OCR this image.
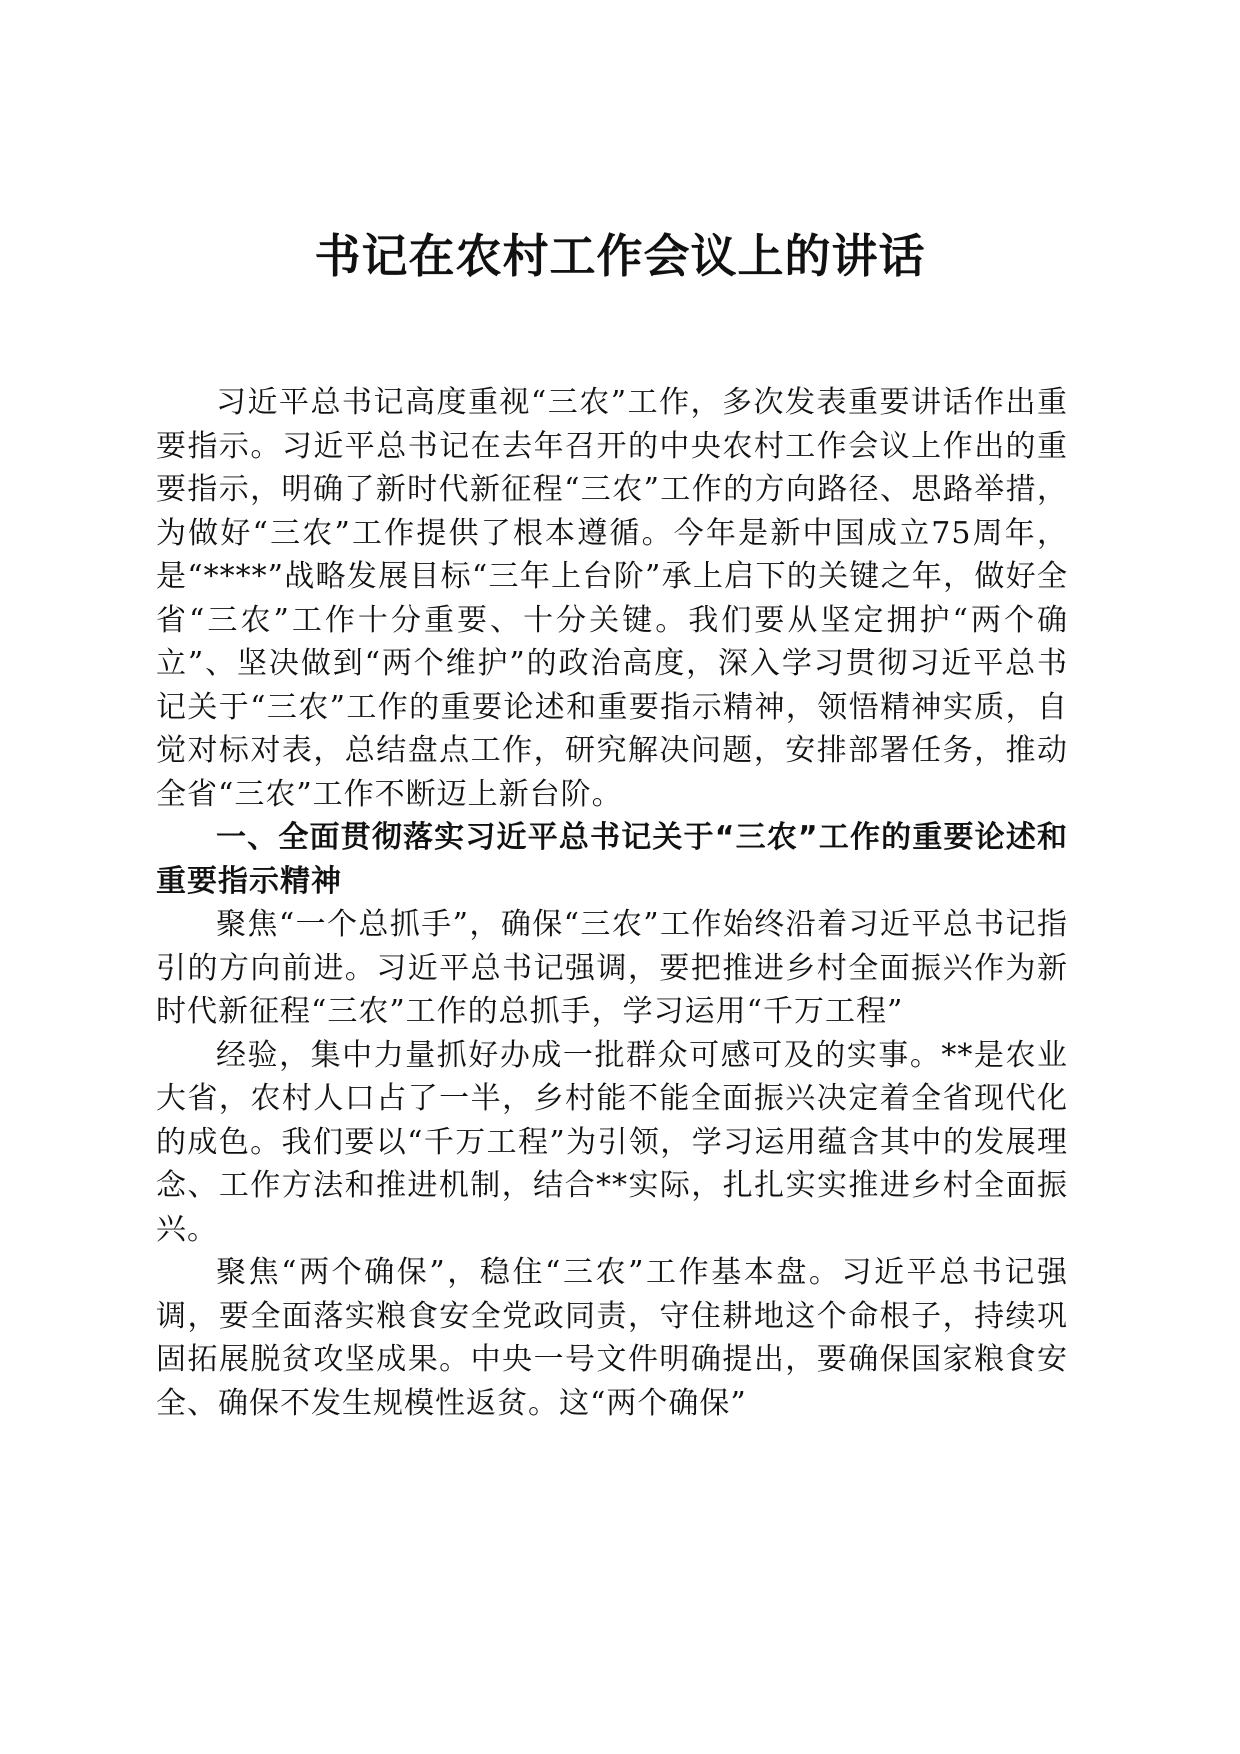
书记在农村工作会议上的讲话

习近平总书记高度重视“三农”工作，多次发表重要讲话作出重要指示。习近平总书记在去年召开的中央农村工作会议上作出的重要指示，明确了新时代新征程“三农”工作的方向路径、思路举措，为做好“三农”工作提供了根本遵循。今年是新中国成立75周年，是“****”战略发展目标“三年上台阶”承上启下的关键之年，做好全省“三农”工作十分重要、十分关键。我们要从坚定拥护“两个确立”、坚决做到“两个维护”的政治高度，深入学习贯彻习近平总书记关于“三农”工作的重要论述和重要指示精神，领悟精神实质，自觉对标对表，总结盘点工作，研究解决问题，安排部署任务，推动全省“三农”工作不断迈上新台阶。

一、全面贯彻落实习近平总书记关于“三农”工作的重要论述和重要指示精神

聚焦“一个总抓手”，确保“三农”工作始终沿着习近平总书记指引的方向前进。习近平总书记强调，要把推进乡村全面振兴作为新时代新征程“三农”工作的总抓手，学习运用“千万工程”

经验，集中力量抓好办成一批群众可感可及的实事。**是农业大省，农村人口占了一半，乡村能不能全面振兴决定着全省现代化的成色。我们要以“千万工程”为引领，学习运用蕴含其中的发展理念、工作方法和推进机制，结合**实际，扎扎实实推进乡村全面振兴。

聚焦“两个确保”，稳住“三农”工作基本盘。习近平总书记强调，要全面落实粮食安全党政同责，守住耕地这个命根子，持续巩固拓展脱贫攻坚成果。中央一号文件明确提出，要确保国家粮食安全、确保不发生规模性返贫。这“两个确保”
